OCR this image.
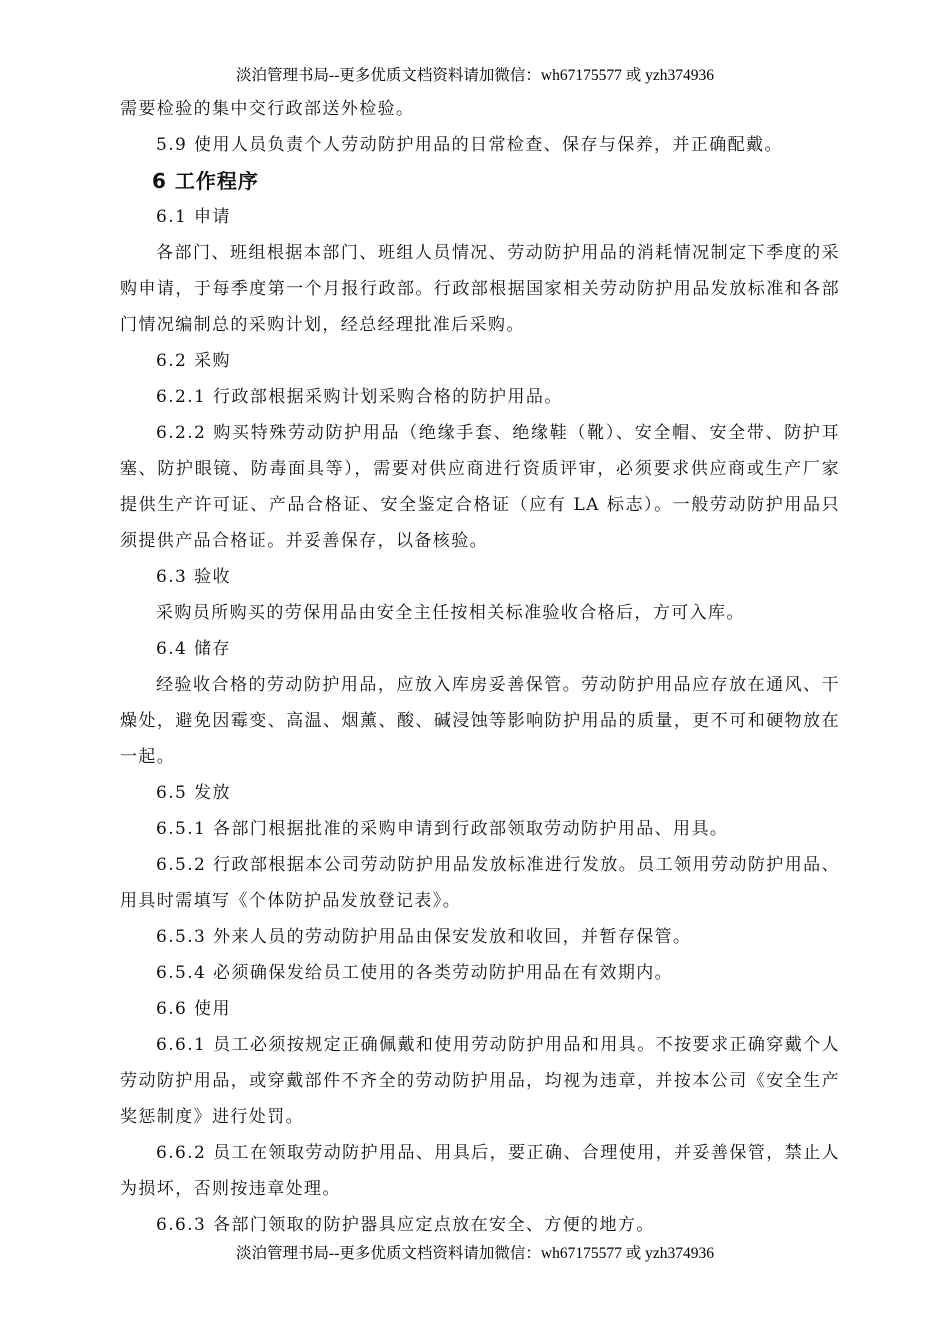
淡泊管理书局--更多优质文档资料请加微信：wh67175577 或 yzh374936

需要检验的集中交行政部送外检验。

5.9 使用人员负责个人劳动防护用品的日常检查、保存与保养，并正确配戴。

6 工作程序

6.1 申请

各部门、班组根据本部门、班组人员情况、劳动防护用品的消耗情况制定下季度的采购申请，于每季度第一个月报行政部。行政部根据国家相关劳动防护用品发放标准和各部门情况编制总的采购计划，经总经理批准后采购。

6.2 采购

6.2.1 行政部根据采购计划采购合格的防护用品。

6.2.2 购买特殊劳动防护用品（绝缘手套、绝缘鞋（靴）、安全帽、安全带、防护耳塞、防护眼镜、防毒面具等），需要对供应商进行资质评审，必须要求供应商或生产厂家提供生产许可证、产品合格证、安全鉴定合格证（应有 LA 标志）。一般劳动防护用品只须提供产品合格证。并妥善保存，以备核验。

6.3 验收

采购员所购买的劳保用品由安全主任按相关标准验收合格后，方可入库。

6.4 储存

经验收合格的劳动防护用品，应放入库房妥善保管。劳动防护用品应存放在通风、干燥处，避免因霉变、高温、烟薰、酸、碱浸蚀等影响防护用品的质量，更不可和硬物放在一起。

6.5 发放

6.5.1 各部门根据批准的采购申请到行政部领取劳动防护用品、用具。

6.5.2 行政部根据本公司劳动防护用品发放标准进行发放。员工领用劳动防护用品、用具时需填写《个体防护品发放登记表》。

6.5.3 外来人员的劳动防护用品由保安发放和收回，并暂存保管。

6.5.4 必须确保发给员工使用的各类劳动防护用品在有效期内。

6.6 使用

6.6.1 员工必须按规定正确佩戴和使用劳动防护用品和用具。不按要求正确穿戴个人劳动防护用品，或穿戴部件不齐全的劳动防护用品，均视为违章，并按本公司《安全生产奖惩制度》进行处罚。

6.6.2 员工在领取劳动防护用品、用具后，要正确、合理使用，并妥善保管，禁止人为损坏，否则按违章处理。

6.6.3 各部门领取的防护器具应定点放在安全、方便的地方。

淡泊管理书局--更多优质文档资料请加微信：wh67175577 或 yzh374936
